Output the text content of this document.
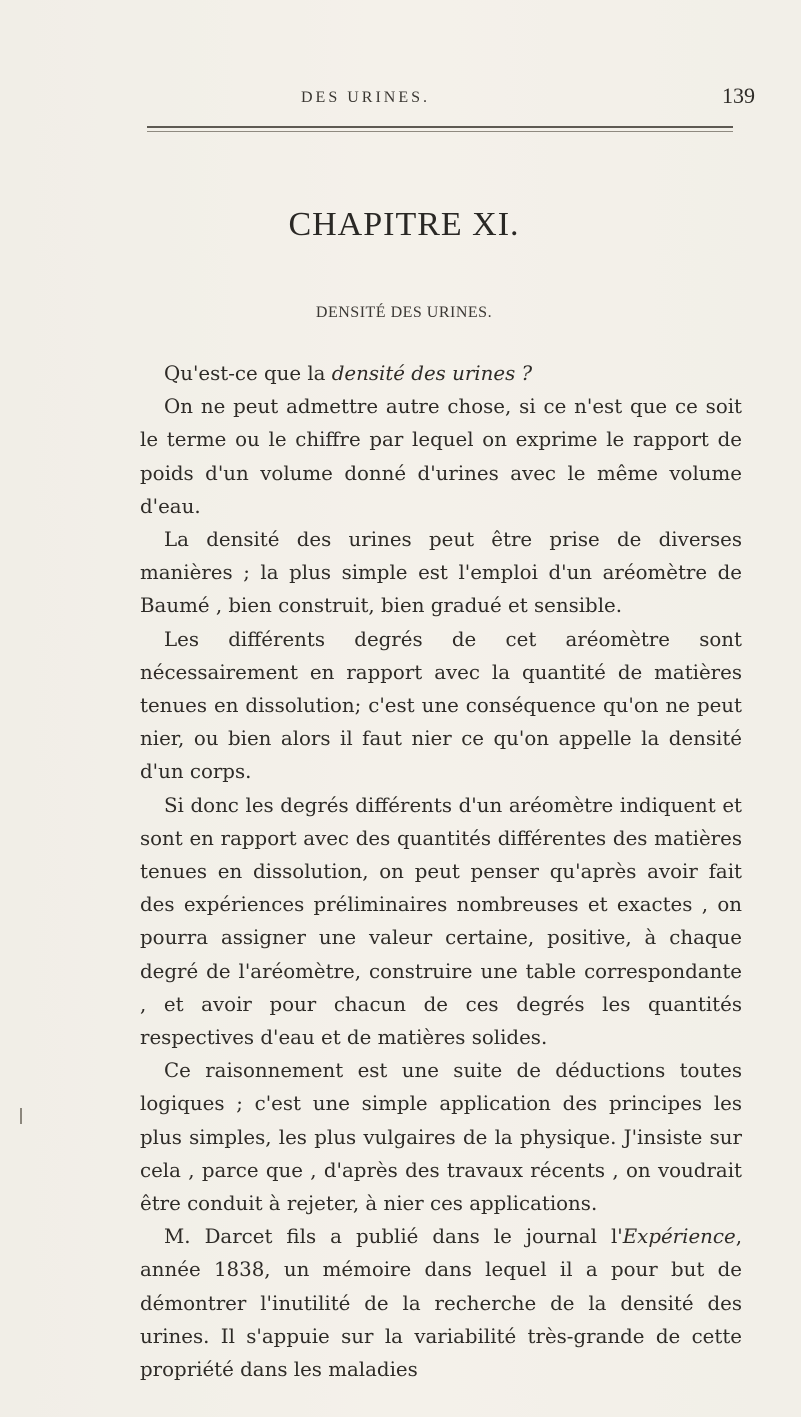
DES URINES.	139
CHAPITRE XI.
DENSITÉ DES URINES.

Qu'est-ce que la densité des urines ?

On ne peut admettre autre chose, si ce n'est que ce soit le terme ou le chiffre par lequel on exprime le rapport de poids d'un volume donné d'urines avec le même volume d'eau.

La densité des urines peut être prise de diverses manières ; la plus simple est l'emploi d'un aréomètre de Baumé , bien construit, bien gradué et sensible.

Les différents degrés de cet aréomètre sont nécessairement en rapport avec la quantité de matières tenues en dissolution; c'est une conséquence qu'on ne peut nier, ou bien alors il faut nier ce qu'on appelle la densité d'un corps.

Si donc les degrés différents d'un aréomètre indiquent et sont en rapport avec des quantités différentes des matières tenues en dissolution, on peut penser qu'après avoir fait des expériences préliminaires nombreuses et exactes , on pourra assigner une valeur certaine, positive, à chaque degré de l'aréomètre, construire une table correspondante , et avoir pour chacun de ces degrés les quantités respectives d'eau et de matières solides.

Ce raisonnement est une suite de déductions toutes logiques ; c'est une simple application des principes les plus simples, les plus vulgaires de la physique. J'insiste sur cela , parce que , d'après des travaux récents , on voudrait être conduit à rejeter, à nier ces applications.

M. Darcet fils a publié dans le journal l'Expérience, année 1838, un mémoire dans lequel il a pour but de démontrer l'inutilité de la recherche de la densité des urines. Il s'appuie sur la variabilité très-grande de cette propriété dans les maladies
